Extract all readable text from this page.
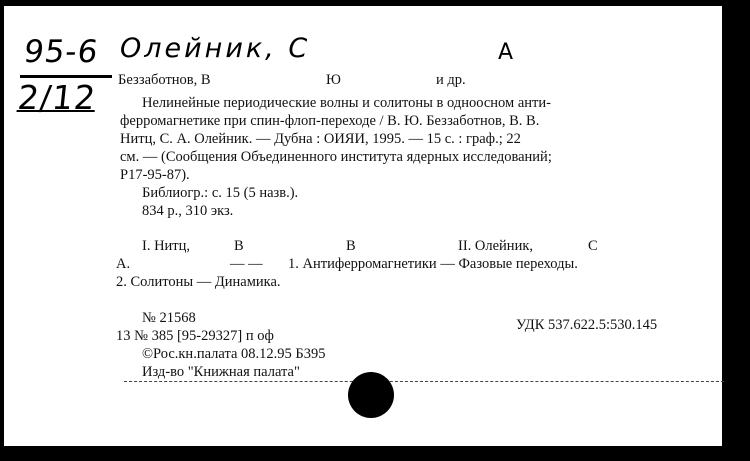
95-6
2/12
Олейник, С	А
Беззаботнов, В	Ю	и др.
Нелинейные периодические волны и солитоны в одноосном анти-
ферромагнетике при спин-флоп-переходе / В. Ю. Беззаботнов, В. В.
Нитц, С. А. Олейник. — Дубна : ОИЯИ, 1995. — 15 с. : граф.; 22
см. — (Сообщения Объединенного института ядерных исследований;
Р17-95-87).
Библиогр.: с. 15 (5 назв.).
834 р., 310 экз.
I. Нитц,	В	В	II. Олейник,	С
А.	— — 1. Антиферромагнетики — Фазовые переходы.
2. Солитоны — Динамика.
№ 21568	УДК 537.622.5:530.145
13 № 385 [95-29327] п оф
©Рос.кн.палата 08.12.95 Б395
Изд-во "Книжная палата"
